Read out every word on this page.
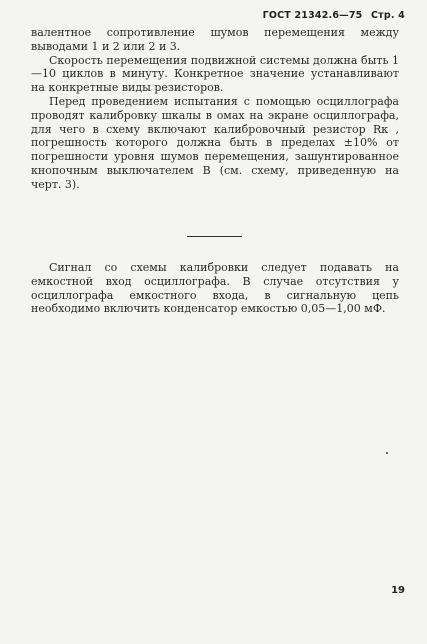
ГОСТ 21342.6—75 Стр. 4

валентное сопротивление шумов перемещения между выводами 1 и 2 или 2 и 3.

Скорость перемещения подвижной системы должна быть 1—10 циклов в минуту. Конкретное значение устанавливают на конкретные виды резисторов.

Перед проведением испытания с помощью осциллографа проводят калибровку шкалы в омах на экране осциллографа, для чего в схему включают калибровочный резистор Rк , погрешность которого должна быть в пределах ±10% от погрешности уровня шумов перемещения, зашунтированное кнопочным выключателем В (см. схему, приведенную на черт. 3).

Сигнал со схемы калибровки следует подавать на емкостной вход осциллографа. В случае отсутствия у осциллографа емкостного входа, в сигнальную цепь необходимо включить конденсатор емкостью 0,05—1,00 мФ.

19
